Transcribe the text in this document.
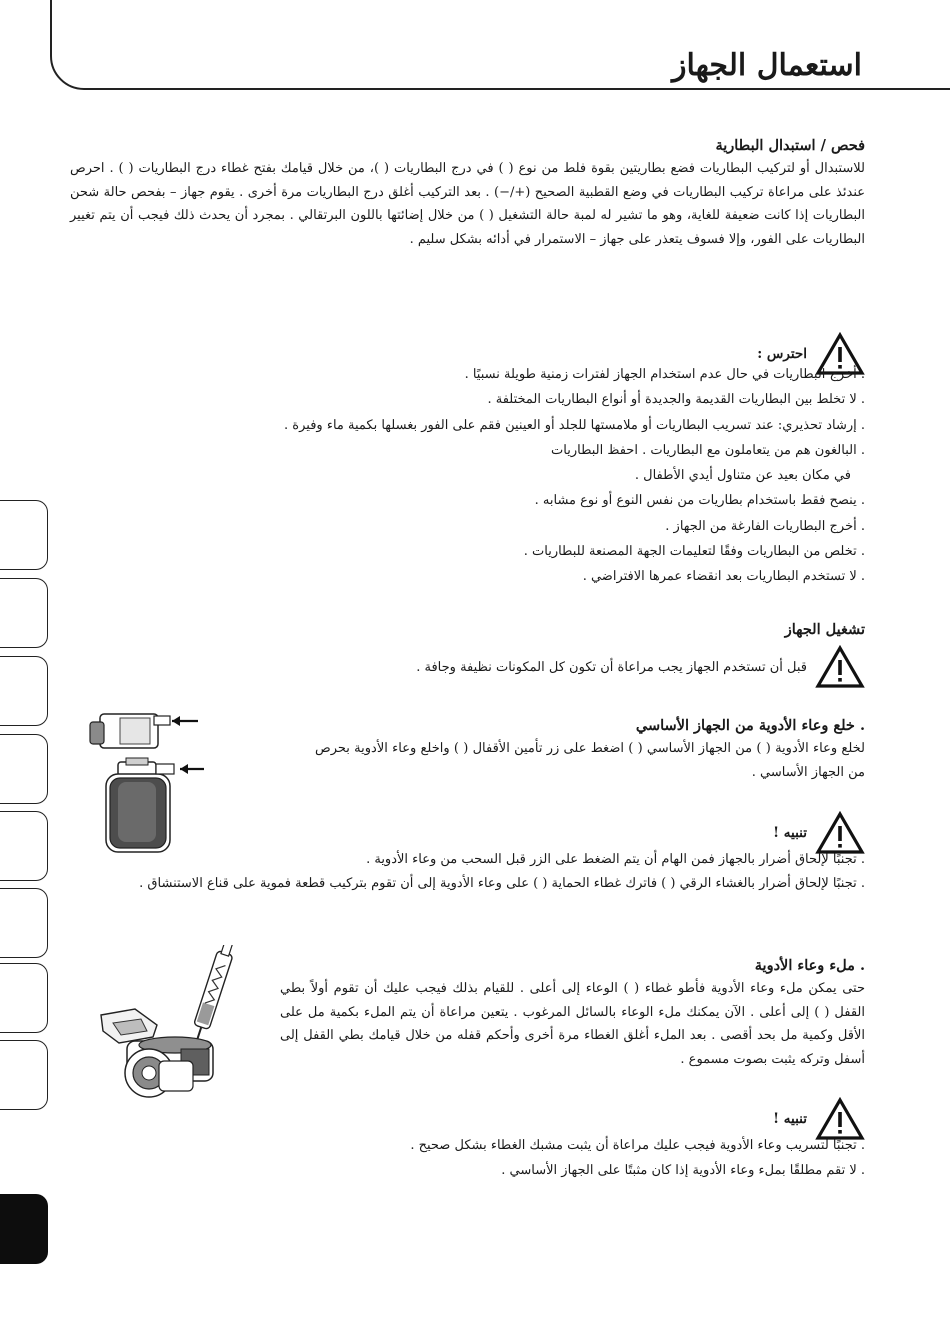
استعمال الجهاز
فحص / استبدال البطارية

للاستبدال أو لتركيب البطاريات فضع بطاريتين بقوة فلط من نوع ( ) في درج البطاريات ( )، من خلال قيامك بفتح غطاء درج البطاريات ( ) . احرص عندئذ على مراعاة تركيب البطاريات في وضع القطبية الصحيح (+/−) . بعد التركيب أغلق درج البطاريات مرة أخرى . يقوم جهاز – بفحص حالة شحن البطاريات إذا كانت ضعيفة للغاية، وهو ما تشير له لمبة حالة التشغيل ( ) من خلال إضائتها باللون البرتقالي . بمجرد أن يحدث ذلك فيجب أن يتم تغيير البطاريات على الفور، وإلا فسوف يتعذر على جهاز – الاستمرار في أدائه بشكل سليم .

احترس :
. أخرج البطاريات في حال عدم استخدام الجهاز لفترات زمنية طويلة نسبيًا .
. لا تخلط بين البطاريات القديمة والجديدة أو أنواع البطاريات المختلفة .
. إرشاد تحذيري: عند تسريب البطاريات أو ملامستها للجلد أو العينين فقم على الفور بغسلها بكمية ماء وفيرة .
. البالغون هم من يتعاملون مع البطاريات . احفظ البطاريات
في مكان بعيد عن متناول أيدي الأطفال .
. ينصح فقط باستخدام بطاريات من نفس النوع أو نوع مشابه .
. أخرج البطاريات الفارغة من الجهاز .
. تخلص من البطاريات وفقًا لتعليمات الجهة المصنعة للبطاريات .
. لا تستخدم البطاريات بعد انقضاء عمرها الافتراضي .
تشغيل الجهاز
قبل أن تستخدم الجهاز يجب مراعاة أن تكون كل المكونات نظيفة وجافة .
. خلع وعاء الأدوية من الجهاز الأساسي

لخلع وعاء الأدوية ( ) من الجهاز الأساسي ( ) اضغط على زر تأمين الأقفال ( ) واخلع وعاء الأدوية بحرص من الجهاز الأساسي .

تنبيه !
. تجنبًا لإلحاق أضرار بالجهاز فمن الهام أن يتم الضغط على الزر قبل السحب من وعاء الأدوية .
. تجنبًا لإلحاق أضرار بالغشاء الرقي ( ) فاترك غطاء الحماية ( ) على وعاء الأدوية إلى أن تقوم بتركيب قطعة فموية على قناع الاستنشاق .
. ملء وعاء الأدوية

حتى يمكن ملء وعاء الأدوية فأطو غطاء ( ) الوعاء إلى أعلى . للقيام بذلك فيجب عليك أن تقوم أولاً بطي القفل ( ) إلى أعلى . الآن يمكنك ملء الوعاء بالسائل المرغوب . يتعين مراعاة أن يتم الملء بكمية مل على الأقل وكمية مل بحد أقصى . بعد الملء أغلق الغطاء مرة أخرى وأحكم قفله من خلال قيامك بطي القفل إلى أسفل وتركه يثبت بصوت مسموع .

تنبيه !
. تجنبًا لتسريب وعاء الأدوية فيجب عليك مراعاة أن يثبت مشبك الغطاء بشكل صحيح .
. لا تقم مطلقًا بملء وعاء الأدوية إذا كان مثبتًا على الجهاز الأساسي .
